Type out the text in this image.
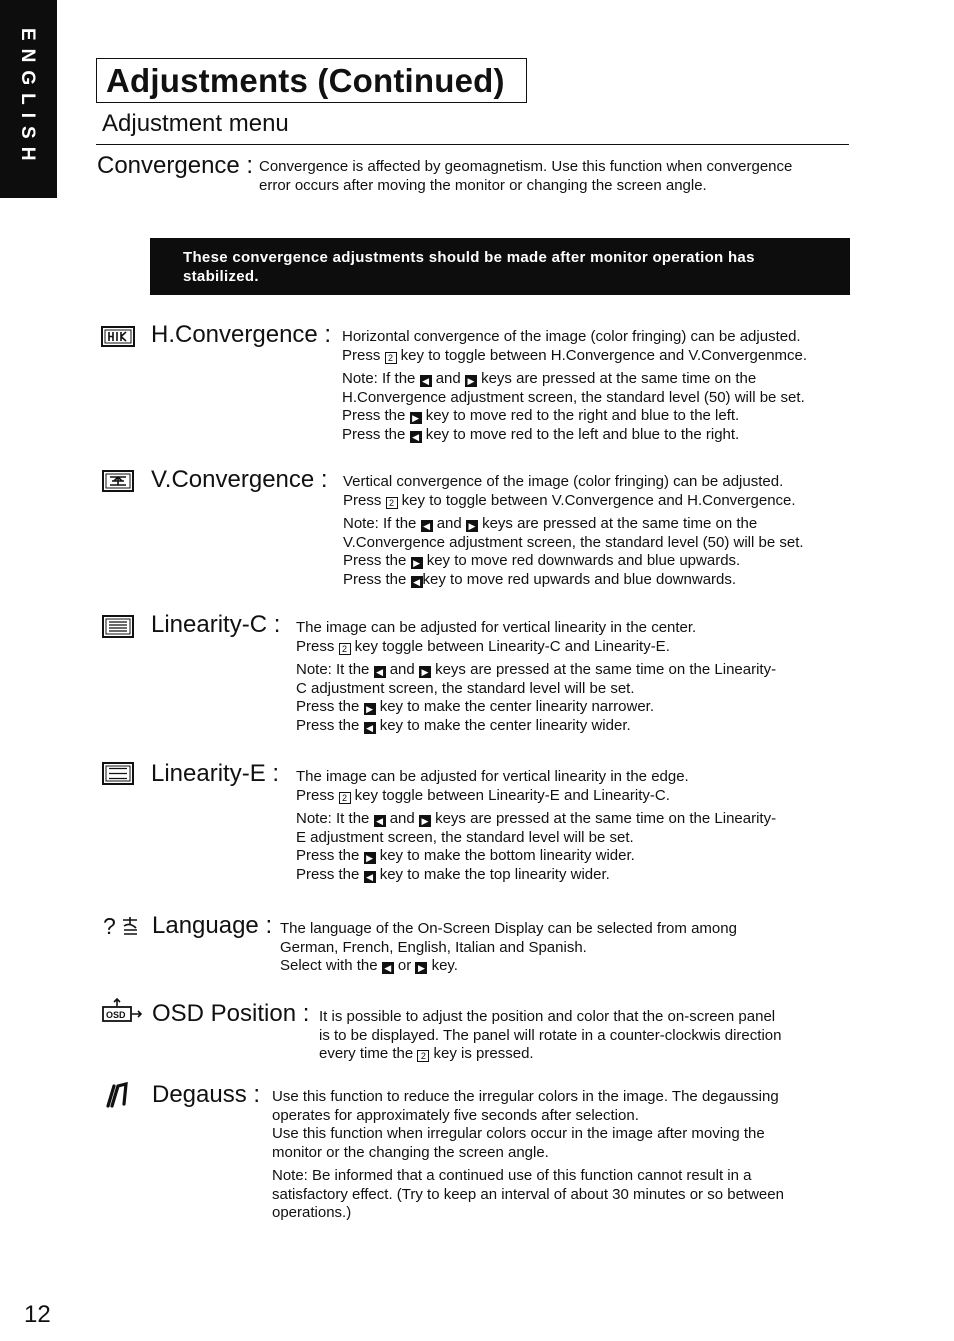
ENGLISH Adjustments (Continued)
Adjustment menu
Convergence : Convergence is affected by geomagnetism. Use this function when convergence error occurs after moving the monitor or changing the screen angle.

These convergence adjustments should be made after monitor operation has stabilized.

H.Convergence : Horizontal convergence of the image (color fringing) can be adjusted.

Press 2 key to toggle between H.Convergence and V.Convergenmce.

Note: If the ◀ and ▶ keys are pressed at the same time on the

H.Convergence adjustment screen, the standard level (50) will be set.

Press the ▶ key to move red to the right and blue to the left.

Press the ◀ key to move red to the left and blue to the right.

V.Convergence : Vertical convergence of the image (color fringing) can be adjusted.

Press 2 key to toggle between V.Convergence and H.Convergence.

Note: If the ◀ and ▶ keys are pressed at the same time on the

V.Convergence adjustment screen, the standard level (50) will be set.

Press the ▶ key to move red downwards and blue upwards.

Press the ◀ key to move red upwards and blue downwards.

Linearity-C : The image can be adjusted for vertical linearity in the center.

Press 2 key toggle between Linearity-C and Linearity-E.

Note: It the ◀ and ▶ keys are pressed at the same time on the Linearity-

C adjustment screen, the standard level will be set.

Press the ▶ key to make the center linearity narrower.

Press the ◀ key to make the center linearity wider.

Linearity-E : The image can be adjusted for vertical linearity in the edge.

Press 2 key toggle between Linearity-E and Linearity-C.

Note: It the ◀ and ▶ keys are pressed at the same time on the Linearity-

E adjustment screen, the standard level will be set.

Press the ▶ key to make the bottom linearity wider.

Press the ◀ key to make the top linearity wider.

? Language : The language of the On-Screen Display can be selected from among

German, French, English, Italian and Spanish.

Select with the ◀ or ▶ key.

OSD OSD Position : It is possible to adjust the position and color that the on-screen panel

is to be displayed. The panel will rotate in a counter-clockwis direction

every time the 2 key is pressed.

Degauss : Use this function to reduce the irregular colors in the image. The degaussing

operates for approximately five seconds after selection.

Use this function when irregular colors occur in the image after moving the

monitor or the changing the screen angle.

Note: Be informed that a continued use of this function cannot result in a

satisfactory effect. (Try to keep an interval of about 30 minutes or so between

operations.)

12
